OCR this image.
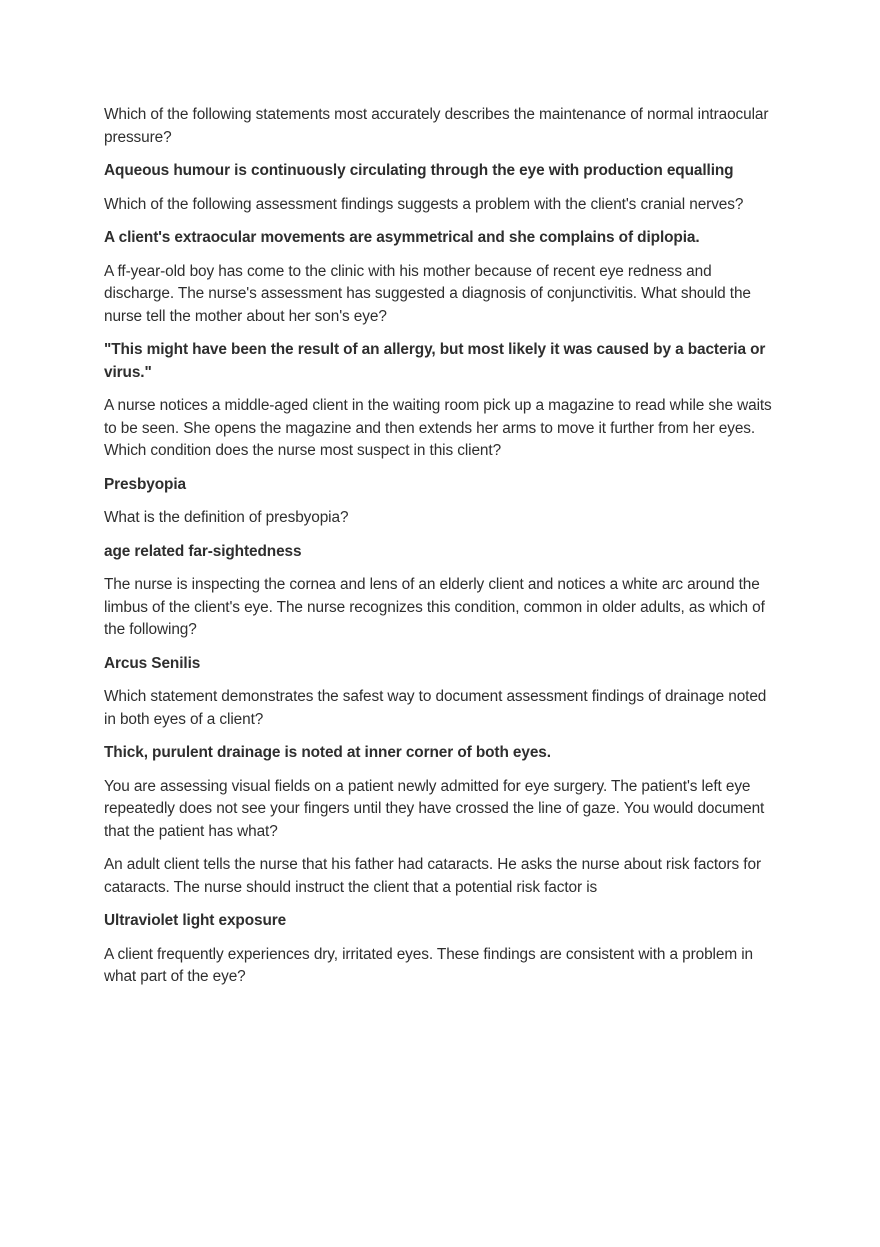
Which of the following statements most accurately describes the maintenance of normal intraocular pressure?

Aqueous humour is continuously circulating through the eye with production equalling

Which of the following assessment findings suggests a problem with the client's cranial nerves?

A client's extraocular movements are asymmetrical and she complains of diplopia.

A ff-year-old boy has come to the clinic with his mother because of recent eye redness and discharge. The nurse's assessment has suggested a diagnosis of conjunctivitis. What should the nurse tell the mother about her son's eye?

"This might have been the result of an allergy, but most likely it was caused by a bacteria or virus."

A nurse notices a middle-aged client in the waiting room pick up a magazine to read while she waits to be seen. She opens the magazine and then extends her arms to move it further from her eyes. Which condition does the nurse most suspect in this client?

Presbyopia

What is the definition of presbyopia?

age related far-sightedness

The nurse is inspecting the cornea and lens of an elderly client and notices a white arc around the limbus of the client's eye. The nurse recognizes this condition, common in older adults, as which of the following?

Arcus Senilis

Which statement demonstrates the safest way to document assessment findings of drainage noted in both eyes of a client?

Thick, purulent drainage is noted at inner corner of both eyes.

You are assessing visual fields on a patient newly admitted for eye surgery. The patient's left eye repeatedly does not see your fingers until they have crossed the line of gaze. You would document that the patient has what?

An adult client tells the nurse that his father had cataracts. He asks the nurse about risk factors for cataracts. The nurse should instruct the client that a potential risk factor is

Ultraviolet light exposure

A client frequently experiences dry, irritated eyes. These findings are consistent with a problem in what part of the eye?
